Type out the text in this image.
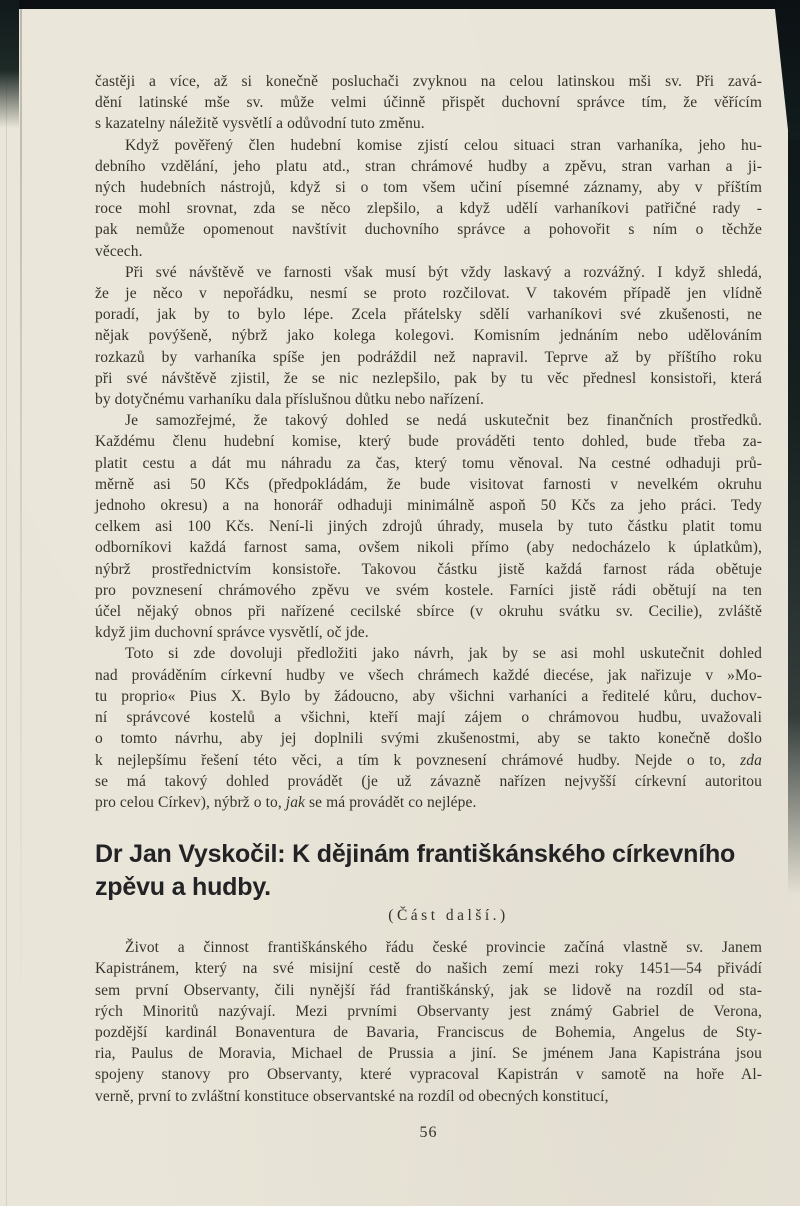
častěji a více, až si konečně posluchači zvyknou na celou latinskou mši sv. Při zavá-
dění latinské mše sv. může velmi účinně přispět duchovní správce tím, že věřícím
s kazatelny náležitě vysvětlí a odůvodní tuto změnu.
Když pověřený člen hudební komise zjistí celou situaci stran varhaníka, jeho hu-
debního vzdělání, jeho platu atd., stran chrámové hudby a zpěvu, stran varhan a ji-
ných hudebních nástrojů, když si o tom všem učiní písemné záznamy, aby v příštím
roce mohl srovnat, zda se něco zlepšilo, a když udělí varhaníkovi patřičné rady -
pak nemůže opomenout navštívit duchovního správce a pohovořit s ním o těchže
věcech.
Při své návštěvě ve farnosti však musí být vždy laskavý a rozvážný. I když shledá,
že je něco v nepořádku, nesmí se proto rozčilovat. V takovém případě jen vlídně
poradí, jak by to bylo lépe. Zcela přátelsky sdělí varhaníkovi své zkušenosti, ne
nějak povýšeně, nýbrž jako kolega kolegovi. Komisním jednáním nebo udělováním
rozkazů by varhaníka spíše jen podráždil než napravil. Teprve až by příštího roku
při své návštěvě zjistil, že se nic nezlepšilo, pak by tu věc přednesl konsistoři, která
by dotyčnému varhaníku dala příslušnou důtku nebo nařízení.
Je samozřejmé, že takový dohled se nedá uskutečnit bez finančních prostředků.
Každému členu hudební komise, který bude prováděti tento dohled, bude třeba za-
platit cestu a dát mu náhradu za čas, který tomu věnoval. Na cestné odhaduji prů-
měrně asi 50 Kčs (předpokládám, že bude visitovat farnosti v nevelkém okruhu
jednoho okresu) a na honorář odhaduji minimálně aspoň 50 Kčs za jeho práci. Tedy
celkem asi 100 Kčs. Není-li jiných zdrojů úhrady, musela by tuto částku platit tomu
odborníkovi každá farnost sama, ovšem nikoli přímo (aby nedocházelo k úplatkům),
nýbrž prostřednictvím konsistoře. Takovou částku jistě každá farnost ráda obětuje
pro povznesení chrámového zpěvu ve svém kostele. Farníci jistě rádi obětují na ten
účel nějaký obnos při nařízené cecilské sbírce (v okruhu svátku sv. Cecilie), zvláště
když jim duchovní správce vysvětlí, oč jde.
Toto si zde dovoluji předložiti jako návrh, jak by se asi mohl uskutečnit dohled
nad prováděním církevní hudby ve všech chrámech každé diecése, jak nařizuje v »Mo-
tu proprio« Pius X. Bylo by žádoucno, aby všichni varhaníci a ředitelé kůru, duchov-
ní správcové kostelů a všichni, kteří mají zájem o chrámovou hudbu, uvažovali
o tomto návrhu, aby jej doplnili svými zkušenostmi, aby se takto konečně došlo
k nejlepšímu řešení této věci, a tím k povznesení chrámové hudby. Nejde o to, zda
se má takový dohled provádět (je už závazně nařízen nejvyšší církevní autoritou
pro celou Církev), nýbrž o to, jak se má provádět co nejlépe.
Dr Jan Vyskočil: K dějinám františkánského církevního
zpěvu a hudby.
(Část další.)
Život a činnost františkánského řádu české provincie začíná vlastně sv. Janem
Kapistránem, který na své misijní cestě do našich zemí mezi roky 1451—54 přivádí
sem první Observanty, čili nynější řád františkánský, jak se lidově na rozdíl od sta-
rých Minoritů nazývají. Mezi prvními Observanty jest známý Gabriel de Verona,
pozdější kardinál Bonaventura de Bavaria, Franciscus de Bohemia, Angelus de Sty-
ria, Paulus de Moravia, Michael de Prussia a jiní. Se jménem Jana Kapistrána jsou
spojeny stanovy pro Observanty, které vypracoval Kapistrán v samotě na hoře Al-
verně, první to zvláštní konstituce observantské na rozdíl od obecných konstitucí,
56
